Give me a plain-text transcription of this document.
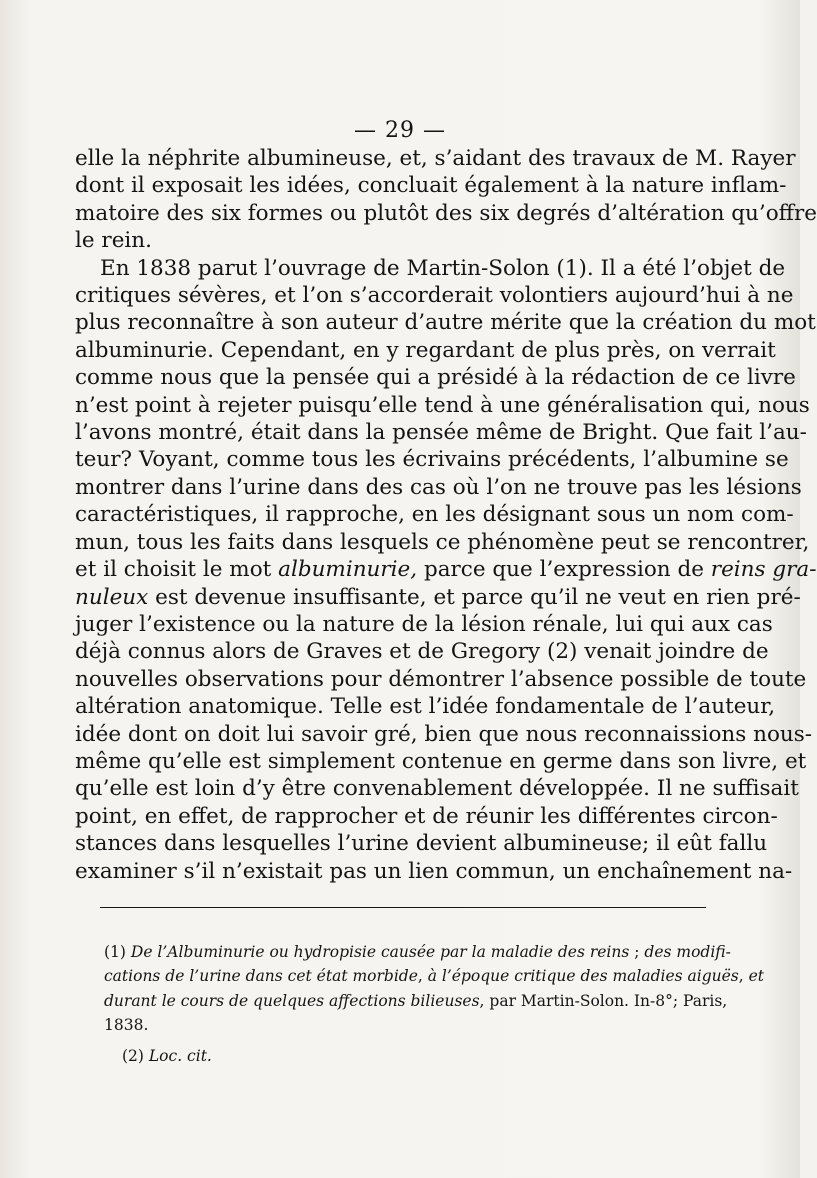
— 29 —
elle la néphrite albumineuse, et, s’aidant des travaux de M. Rayer
dont il exposait les idées, concluait également à la nature inflam-
matoire des six formes ou plutôt des six degrés d’altération qu’offre
le rein.
En 1838 parut l’ouvrage de Martin-Solon (1). Il a été l’objet de
critiques sévères, et l’on s’accorderait volontiers aujourd’hui à ne
plus reconnaître à son auteur d’autre mérite que la création du mot
albuminurie. Cependant, en y regardant de plus près, on verrait
comme nous que la pensée qui a présidé à la rédaction de ce livre
n’est point à rejeter puisqu’elle tend à une généralisation qui, nous
l’avons montré, était dans la pensée même de Bright. Que fait l’au-
teur? Voyant, comme tous les écrivains précédents, l’albumine se
montrer dans l’urine dans des cas où l’on ne trouve pas les lésions
caractéristiques, il rapproche, en les désignant sous un nom com-
mun, tous les faits dans lesquels ce phénomène peut se rencontrer,
et il choisit le mot albuminurie, parce que l’expression de reins gra-
nuleux est devenue insuffisante, et parce qu’il ne veut en rien pré-
juger l’existence ou la nature de la lésion rénale, lui qui aux cas
déjà connus alors de Graves et de Gregory (2) venait joindre de
nouvelles observations pour démontrer l’absence possible de toute
altération anatomique. Telle est l’idée fondamentale de l’auteur,
idée dont on doit lui savoir gré, bien que nous reconnaissions nous-
même qu’elle est simplement contenue en germe dans son livre, et
qu’elle est loin d’y être convenablement développée. Il ne suffisait
point, en effet, de rapprocher et de réunir les différentes circon-
stances dans lesquelles l’urine devient albumineuse; il eût fallu
examiner s’il n’existait pas un lien commun, un enchaînement na-
(1) De l’Albuminurie ou hydropisie causée par la maladie des reins ; des modifi-
cations de l’urine dans cet état morbide, à l’époque critique des maladies aiguës, et
durant le cours de quelques affections bilieuses, par Martin-Solon. In-8°; Paris,
1838.
(2) Loc. cit.
